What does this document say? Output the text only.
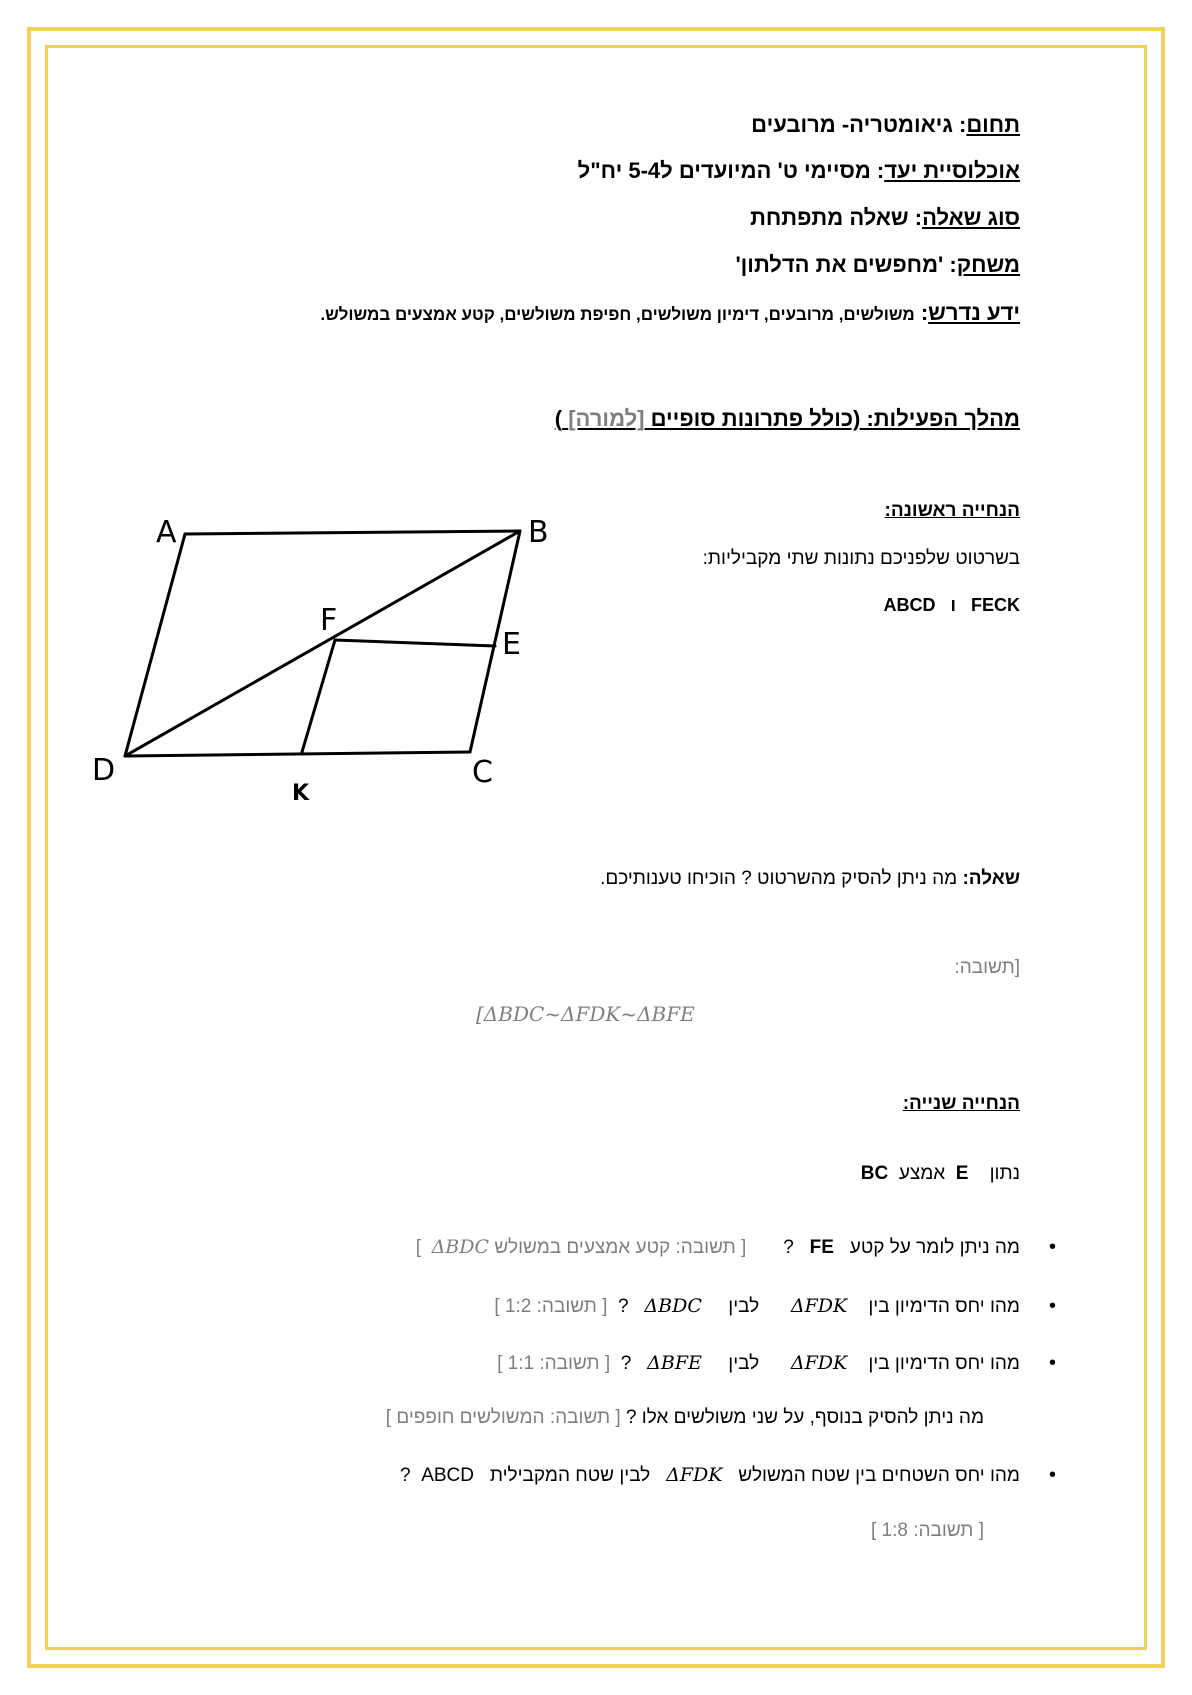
תחום: גיאומטריה- מרובעים
אוכלוסיית יעד: מסיימי ט' המיועדים ל5-4 יח"ל
סוג שאלה: שאלה מתפתחת
משחק: 'מחפשים את הדלתון'
ידע נדרש: משולשים, מרובעים, דימיון משולשים, חפיפת משולשים, קטע אמצעים במשולש.
מהלך הפעילות: (כולל פתרונות סופיים [למורה] )
הנחייה ראשונה:
בשרטוט שלפניכם נתונות שתי מקביליות:
ABCD ו FECK
A	B
F
E
D	C
K
שאלה: מה ניתן להסיק מהשרטוט ? הוכיחו טענותיכם.
[תשובה:
[ΔBDC~ΔFDK~ΔBFE
הנחייה שנייה:
נתון    E  אמצע  BC
• מה ניתן לומר על קטע   FE   ?       [ תשובה: קטע אמצעים במשולש ΔBDC  ]
• מהו יחס הדימיון בין    ΔFDK      לבין     ΔBDC   ?  [ תשובה: 1:2 ]
• מהו יחס הדימיון בין    ΔFDK      לבין     ΔBFE   ?  [ תשובה: 1:1 ]
מה ניתן להסיק בנוסף, על שני משולשים אלו ? [ תשובה: המשולשים חופפים ]
• מהו יחס השטחים בין שטח המשולש   ΔFDK   לבין שטח המקבילית   ABCD  ?
[ תשובה: 1:8 ]
